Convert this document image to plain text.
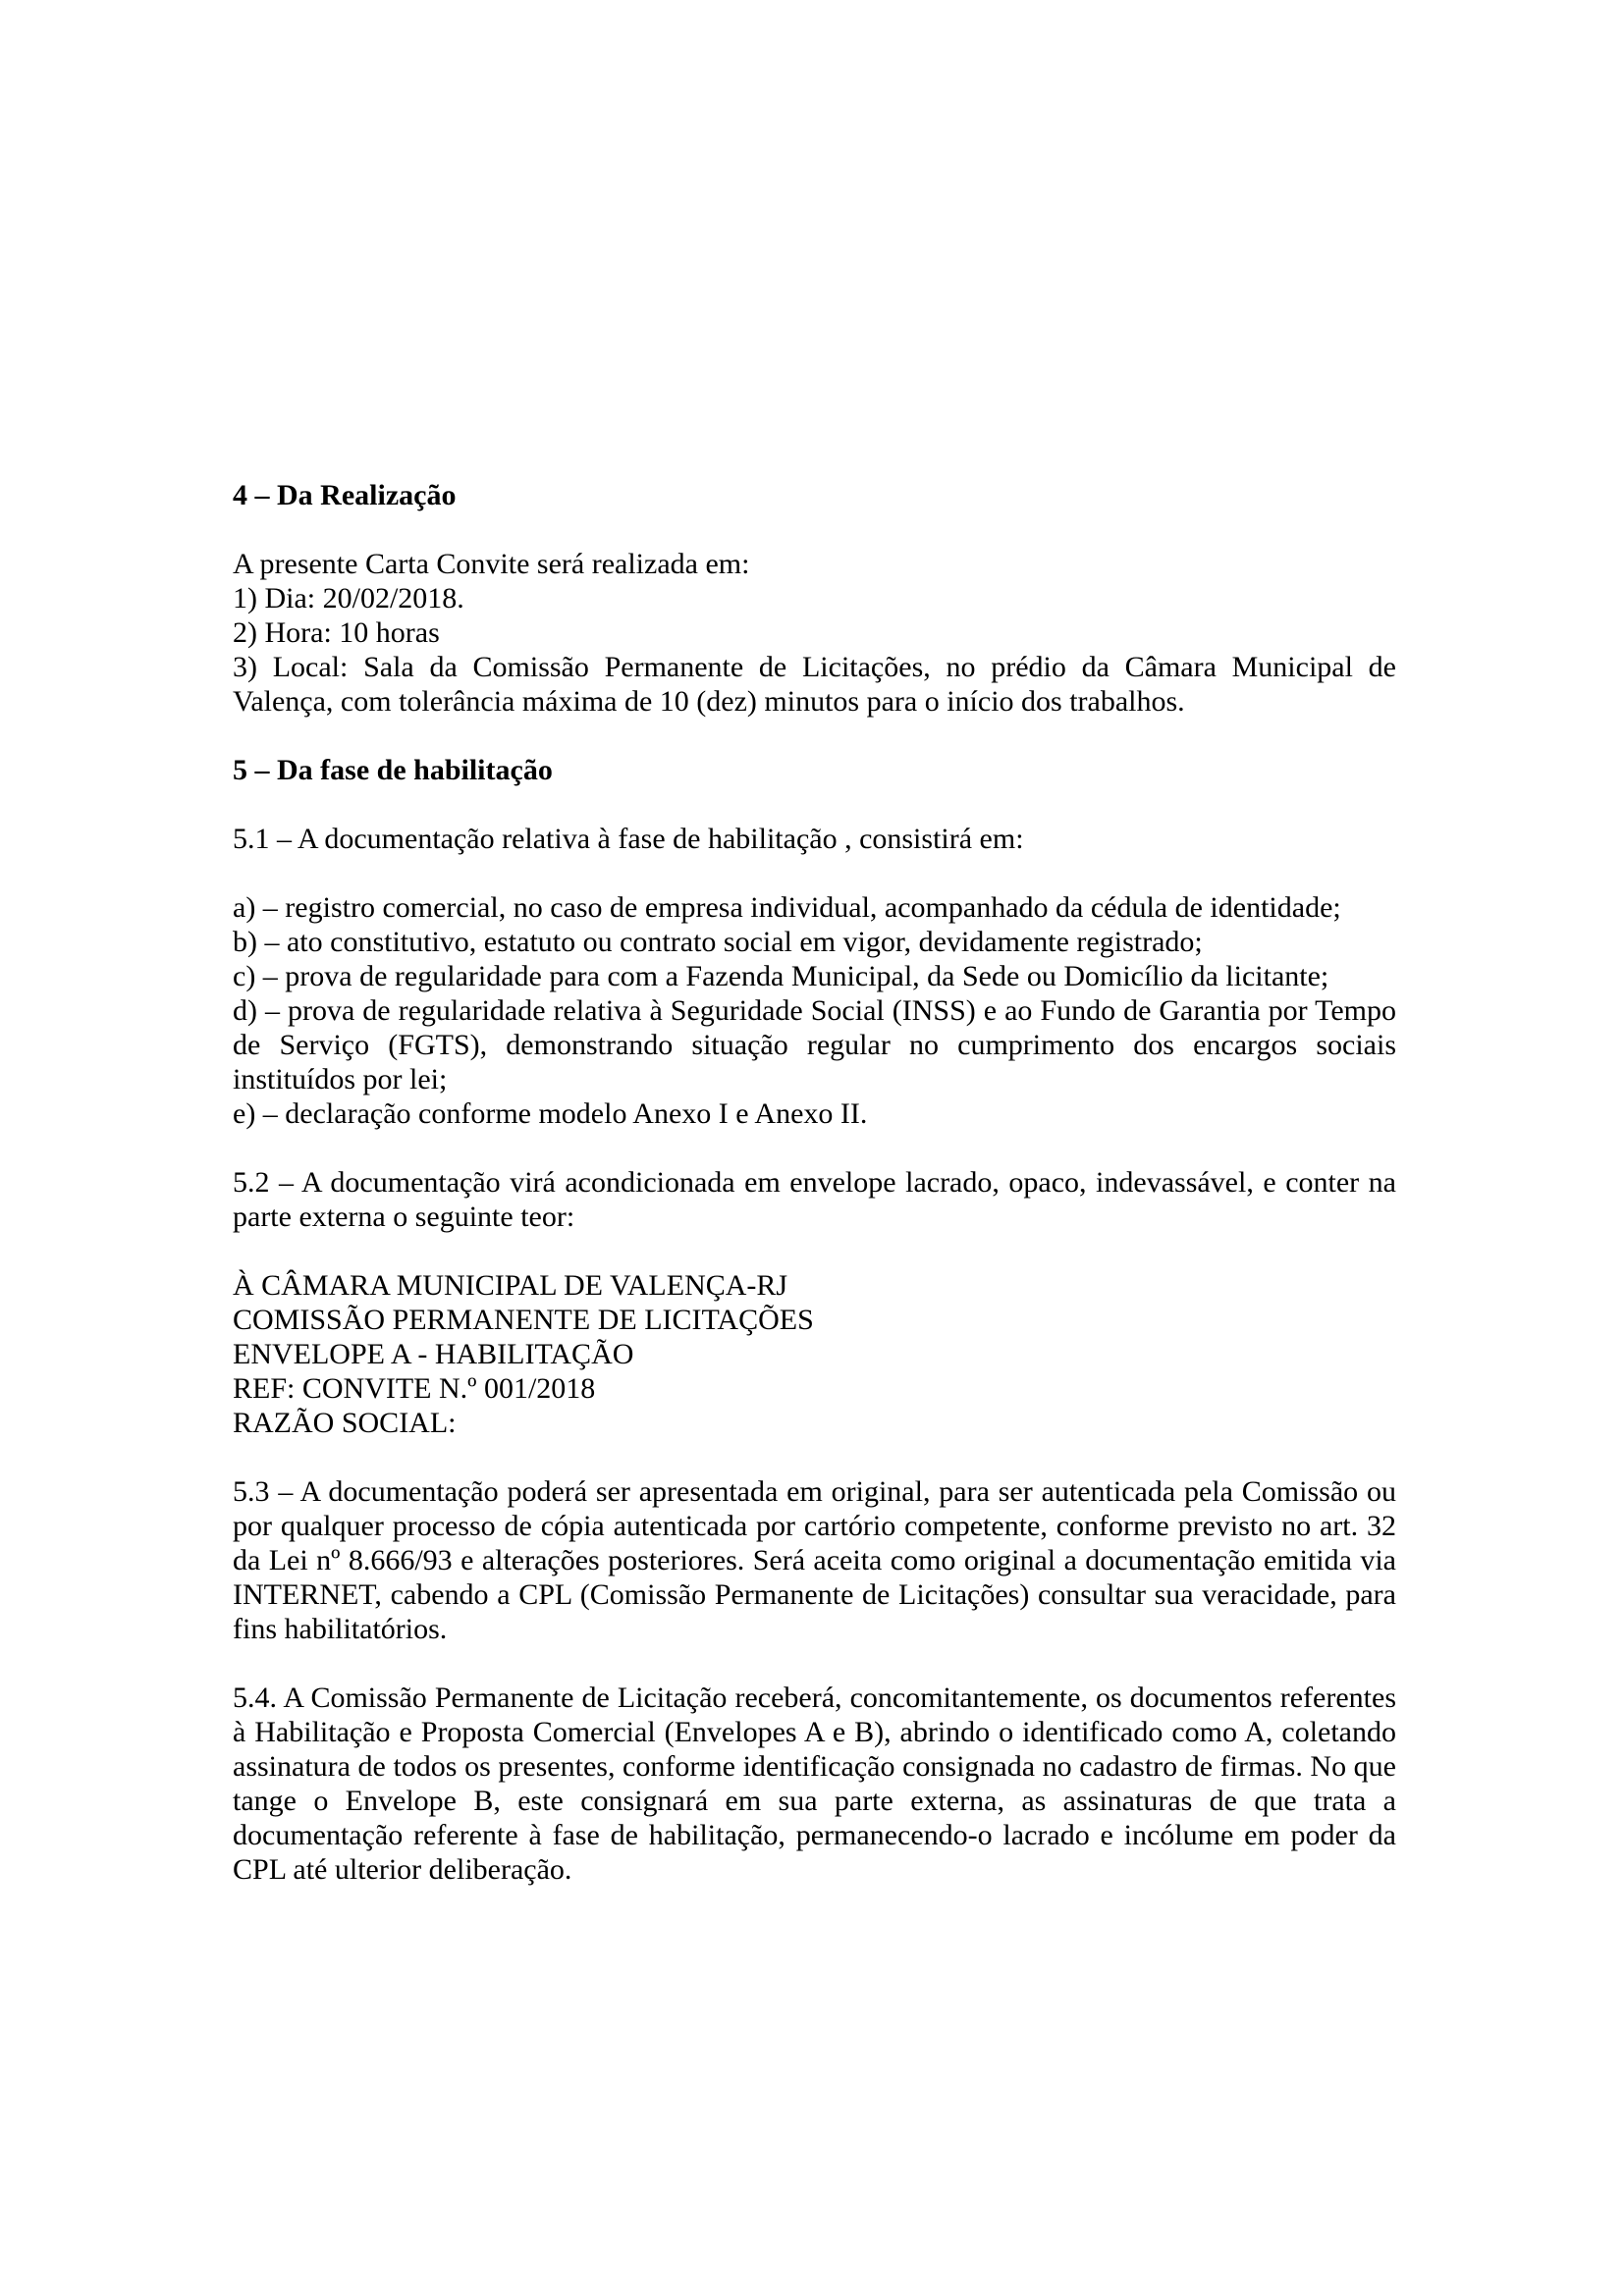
4 – Da Realização

A presente Carta Convite será realizada em:

1) Dia: 20/02/2018.

2) Hora: 10 horas

3) Local: Sala da Comissão Permanente de Licitações, no prédio da Câmara Municipal de Valença, com tolerância máxima de 10 (dez) minutos para o início dos trabalhos.

5 – Da fase de habilitação

5.1 – A documentação relativa à fase de habilitação , consistirá em:

a) – registro comercial, no caso de empresa individual, acompanhado da cédula de identidade;

b) – ato constitutivo, estatuto ou contrato social em vigor, devidamente registrado;

c) – prova de regularidade para com a Fazenda Municipal, da Sede ou Domicílio da licitante;

d) – prova de regularidade relativa à Seguridade Social (INSS) e ao Fundo de Garantia por Tempo de Serviço (FGTS), demonstrando situação regular no cumprimento dos encargos sociais instituídos por lei;

e) – declaração conforme modelo Anexo I e Anexo II.

5.2 – A documentação virá acondicionada em envelope lacrado, opaco, indevassável, e conter na parte externa o seguinte teor:

À CÂMARA MUNICIPAL DE VALENÇA-RJ

COMISSÃO PERMANENTE DE LICITAÇÕES

ENVELOPE A - HABILITAÇÃO

REF: CONVITE N.º 001/2018

RAZÃO SOCIAL:

5.3 – A documentação poderá ser apresentada em original, para ser autenticada pela Comissão ou por qualquer processo de cópia autenticada por cartório competente, conforme previsto no art. 32 da Lei nº 8.666/93 e alterações posteriores. Será aceita como original a documentação emitida via INTERNET, cabendo a CPL (Comissão Permanente de Licitações) consultar sua veracidade, para fins habilitatórios.

5.4. A Comissão Permanente de Licitação receberá, concomitantemente, os documentos referentes à Habilitação e Proposta Comercial (Envelopes A e B), abrindo o identificado como A, coletando assinatura de todos os presentes, conforme identificação consignada no cadastro de firmas. No que tange o Envelope B, este consignará em sua parte externa, as assinaturas de que trata a documentação referente à fase de habilitação, permanecendo-o lacrado e incólume em poder da CPL até ulterior deliberação.
